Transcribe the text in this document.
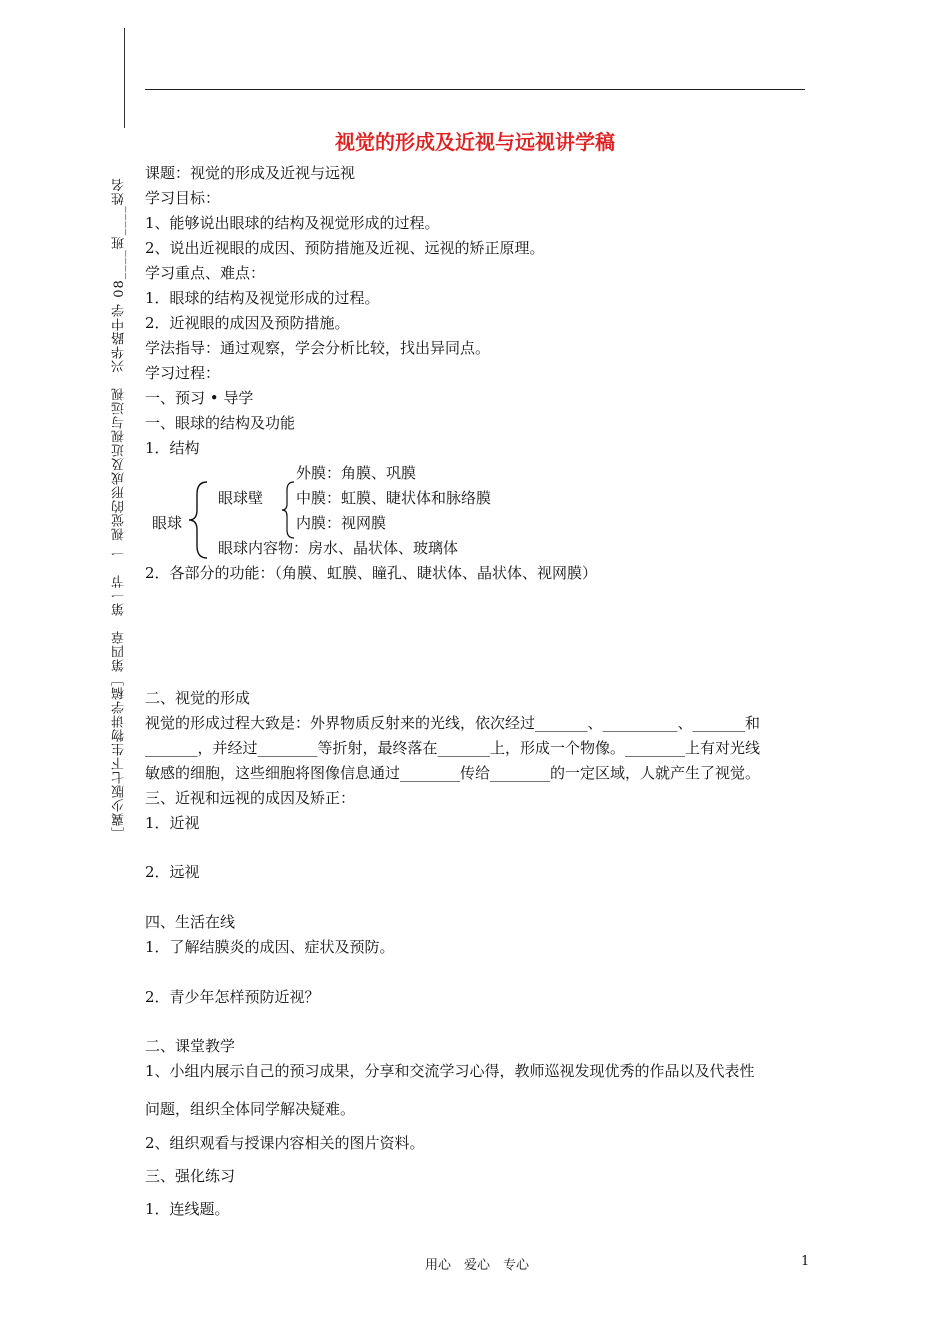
［冀少版七下生物讲学稿］第四章　第一节　一 视觉的形成及近视与远视　兴华路中学 08____班____姓名
视觉的形成及近视与远视讲学稿
课题：视觉的形成及近视与远视
学习目标：
1、能够说出眼球的结构及视觉形成的过程。
2、说出近视眼的成因、预防措施及近视、远视的矫正原理。
学习重点、难点：
1．眼球的结构及视觉形成的过程。
2．近视眼的成因及预防措施。
学法指导：通过观察，学会分析比较，找出异同点。
学习过程：
一、预习 • 导学
一、眼球的结构及功能
1．结构
眼球
眼球壁
外膜：角膜、巩膜
中膜：虹膜、睫状体和脉络膜
内膜：视网膜
眼球内容物：房水、晶状体、玻璃体
2．各部分的功能：（角膜、虹膜、瞳孔、睫状体、晶状体、视网膜）
二、视觉的形成
视觉的形成过程大致是：外界物质反射来的光线，依次经过_______、__________、_______和
_______，并经过________等折射，最终落在_______上，形成一个物像。________上有对光线
敏感的细胞，这些细胞将图像信息通过________传给________的一定区域，人就产生了视觉。
三、近视和远视的成因及矫正：
1．近视
2．远视
四、生活在线
1．了解结膜炎的成因、症状及预防。
2．青少年怎样预防近视？
二、课堂教学
1、小组内展示自己的预习成果，分享和交流学习心得，教师巡视发现优秀的作品以及代表性
问题，组织全体同学解决疑难。
2、组织观看与授课内容相关的图片资料。
三、强化练习
1．连线题。
用心　爱心　专心	1
